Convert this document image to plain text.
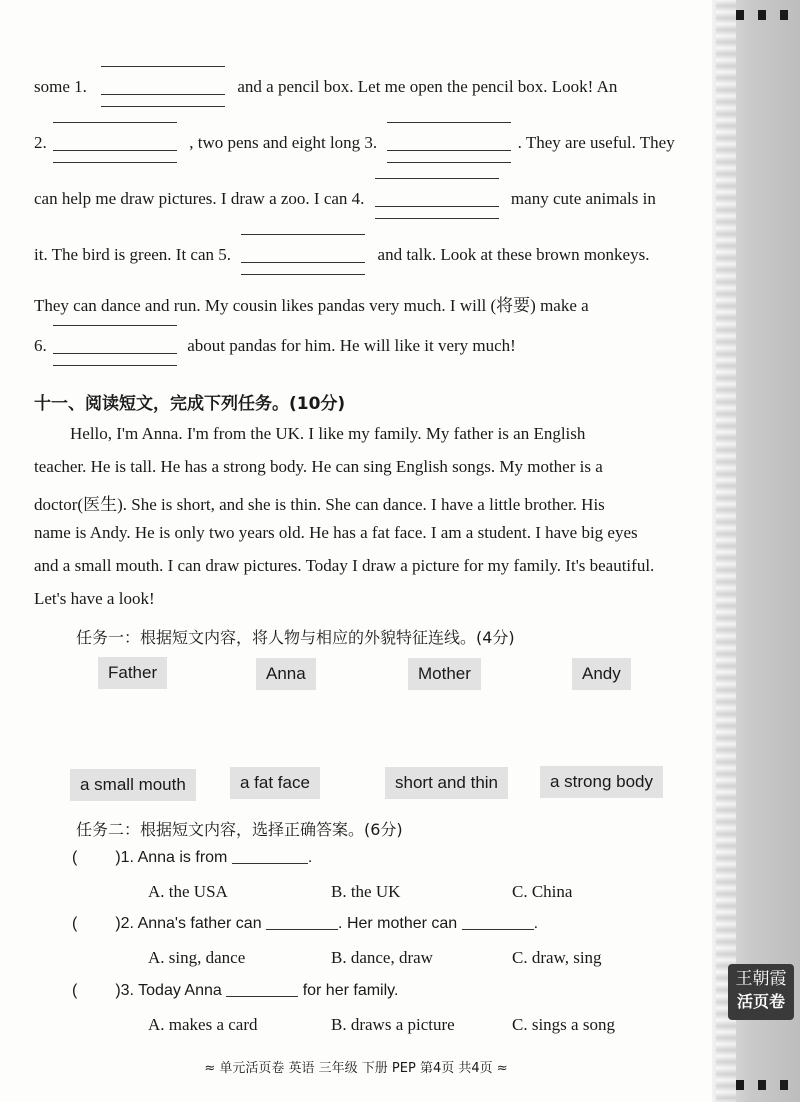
some 1.	and a pencil box. Let me open the pencil box. Look! An
2.	, two pens and eight long 3.	. They are useful. They
can help me draw pictures. I draw a zoo. I can 4.	many cute animals in
it. The bird is green. It can 5.	and talk. Look at these brown monkeys.
They can dance and run. My cousin likes pandas very much. I will (将要) make a
6.	about pandas for him. He will like it very much!
十一、阅读短文，完成下列任务。(10分)
Hello, I'm Anna. I'm from the UK. I like my family. My father is an English
teacher. He is tall. He has a strong body. He can sing English songs. My mother is a
doctor(医生). She is short, and she is thin. She can dance. I have a little brother. His
name is Andy. He is only two years old. He has a fat face. I am a student. I have big eyes
and a small mouth. I can draw pictures. Today I draw a picture for my family. It's beautiful.
Let's have a look!
任务一：根据短文内容，将人物与相应的外貌特征连线。(4分)
Father	Anna	Mother	Andy
a small mouth	a fat face	short and thin	a strong body
任务二：根据短文内容，选择正确答案。(6分)
( )1. Anna is from	.
A. the USA	B. the UK	C. China
( )2. Anna's father can	. Her mother can	.
A. sing, dance	B. dance, draw	C. draw, sing
( )3. Today Anna	for her family.
A. makes a card	B. draws a picture	C. sings a song
≈ 单元活页卷 英语 三年级 下册 PEP 第4页 共4页 ≈
王朝霞
活页卷
